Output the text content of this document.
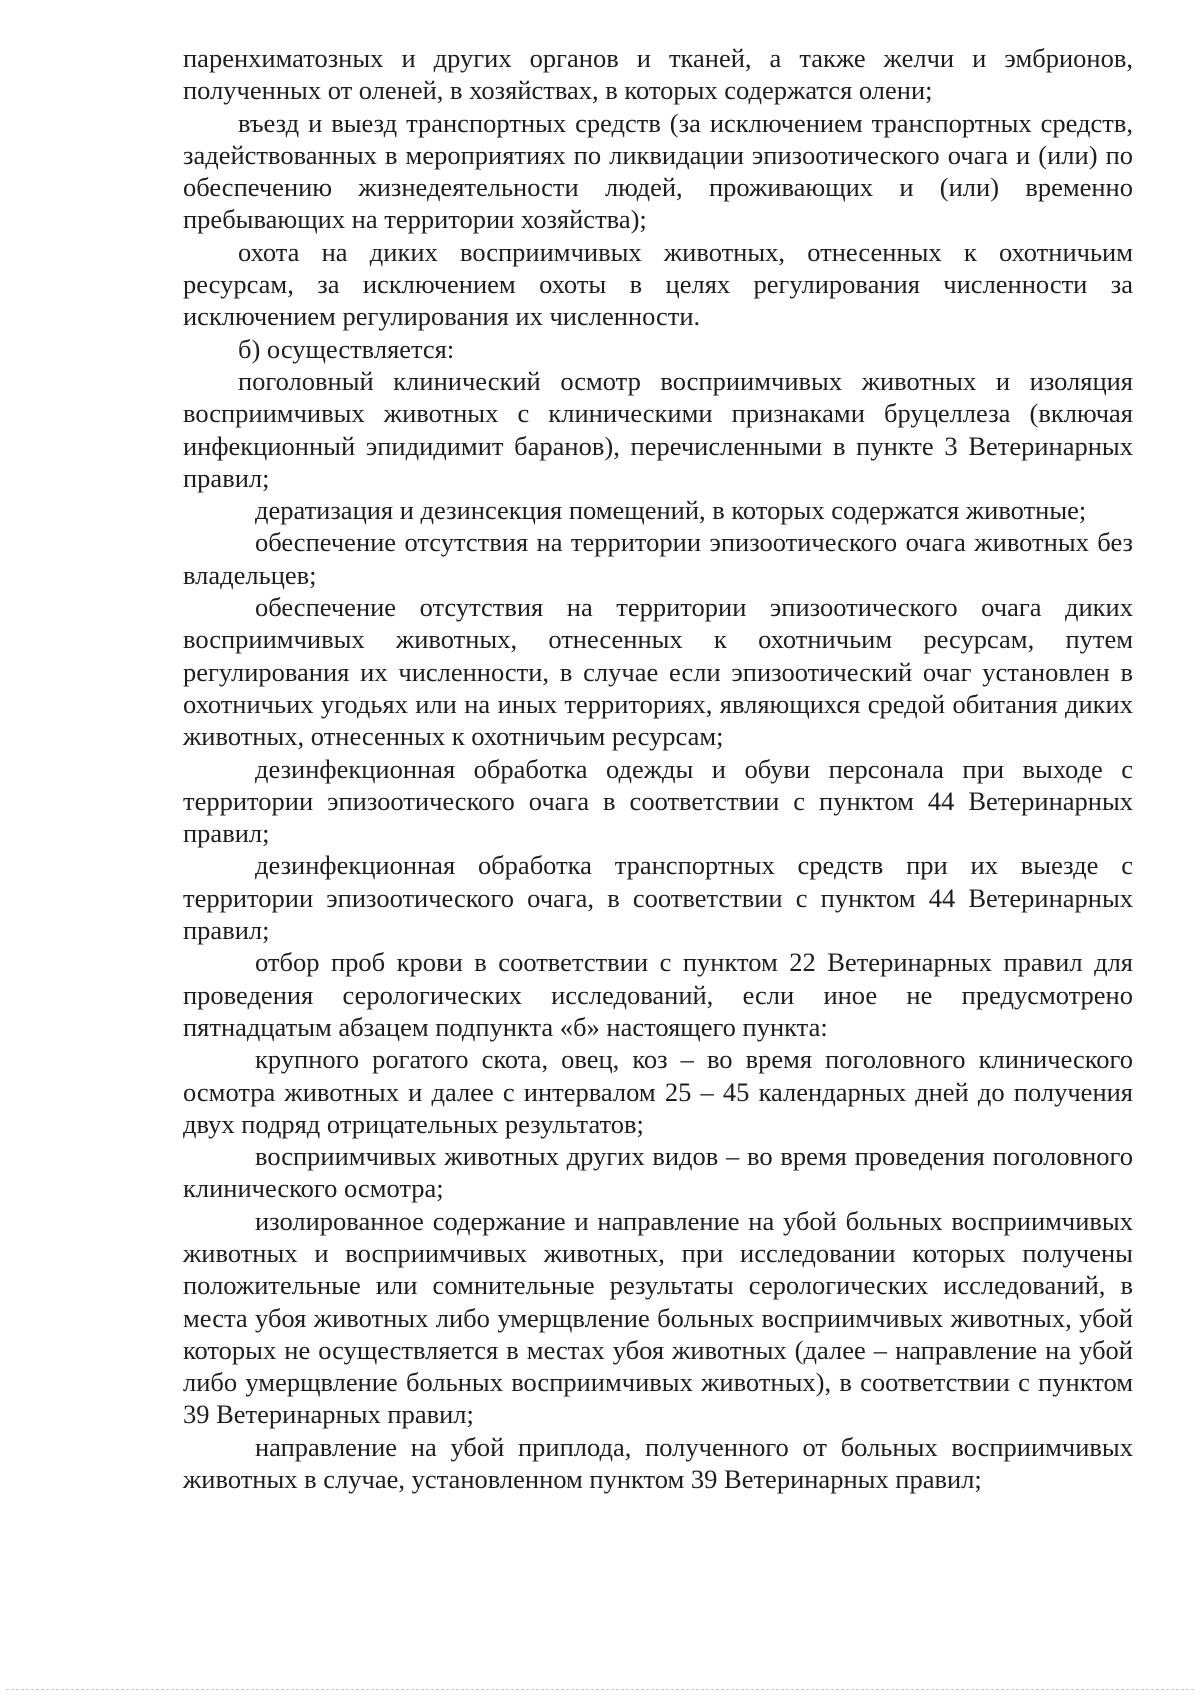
паренхиматозных и других органов и тканей, а также желчи и эмбрионов, полученных от оленей, в хозяйствах, в которых содержатся олени;

въезд и выезд транспортных средств (за исключением транспортных средств, задействованных в мероприятиях по ликвидации эпизоотического очага и (или) по обеспечению жизнедеятельности людей, проживающих и (или) временно пребывающих на территории хозяйства);

охота на диких восприимчивых животных, отнесенных к охотничьим ресурсам, за исключением охоты в целях регулирования численности за исключением регулирования их численности.

б) осуществляется:

поголовный клинический осмотр восприимчивых животных и изоляция восприимчивых животных с клиническими признаками бруцеллеза (включая инфекционный эпидидимит баранов), перечисленными в пункте 3 Ветеринарных правил;

дератизация и дезинсекция помещений, в которых содержатся животные;

обеспечение отсутствия на территории эпизоотического очага животных без владельцев;

обеспечение отсутствия на территории эпизоотического очага диких восприимчивых животных, отнесенных к охотничьим ресурсам, путем регулирования их численности, в случае если эпизоотический очаг установлен в охотничьих угодьях или на иных территориях, являющихся средой обитания диких животных, отнесенных к охотничьим ресурсам;

дезинфекционная обработка одежды и обуви персонала при выходе с территории эпизоотического очага в соответствии с пунктом 44 Ветеринарных правил;

дезинфекционная обработка транспортных средств при их выезде с территории эпизоотического очага, в соответствии с пунктом 44 Ветеринарных правил;

отбор проб крови в соответствии с пунктом 22 Ветеринарных правил для проведения серологических исследований, если иное не предусмотрено пятнадцатым абзацем подпункта «б» настоящего пункта:

крупного рогатого скота, овец, коз – во время поголовного клинического осмотра животных и далее с интервалом 25 – 45 календарных дней до получения двух подряд отрицательных результатов;

восприимчивых животных других видов – во время проведения поголовного клинического осмотра;

изолированное содержание и направление на убой больных восприимчивых животных и восприимчивых животных, при исследовании которых получены положительные или сомнительные результаты серологических исследований, в места убоя животных либо умерщвление больных восприимчивых животных, убой которых не осуществляется в местах убоя животных (далее – направление на убой либо умерщвление больных восприимчивых животных), в соответствии с пунктом 39 Ветеринарных правил;

направление на убой приплода, полученного от больных восприимчивых животных в случае, установленном пунктом 39 Ветеринарных правил;
